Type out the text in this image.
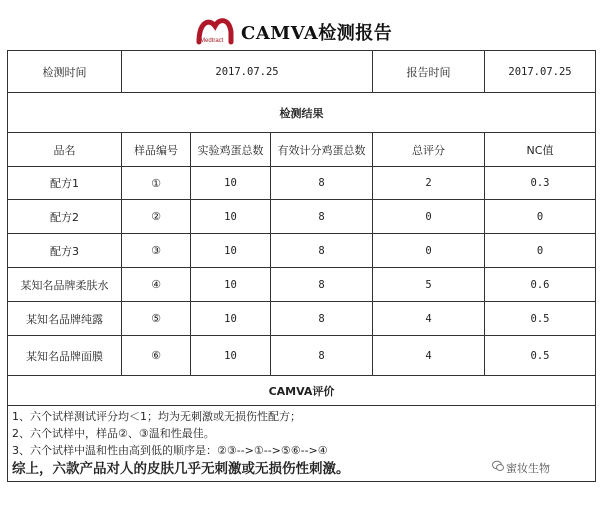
Medtract CAMVA检测报告
检测时间	2017.07.25			报告时间	2017.07.25
检测结果					
品名	样品编号	实验鸡蛋总数	有效计分鸡蛋总数	总评分	NC值
配方1	①	10	8	2	0.3
配方2	②	10	8	0	0
配方3	③	10	8	0	0
某知名品牌柔肤水	④	10	8	5	0.6
某知名品牌纯露	⑤	10	8	4	0.5
某知名品牌面膜	⑥	10	8	4	0.5
CAMVA评价					

1、六个试样测试评分均＜1；均为无刺激或无损伤性配方；
2、六个试样中，样品②、③温和性最佳。
3、六个试样中温和性由高到低的顺序是：②③-->①-->⑤⑥-->④
综上，六款产品对人的皮肤几乎无刺激或无损伤性刺激。						蜜妆生物
